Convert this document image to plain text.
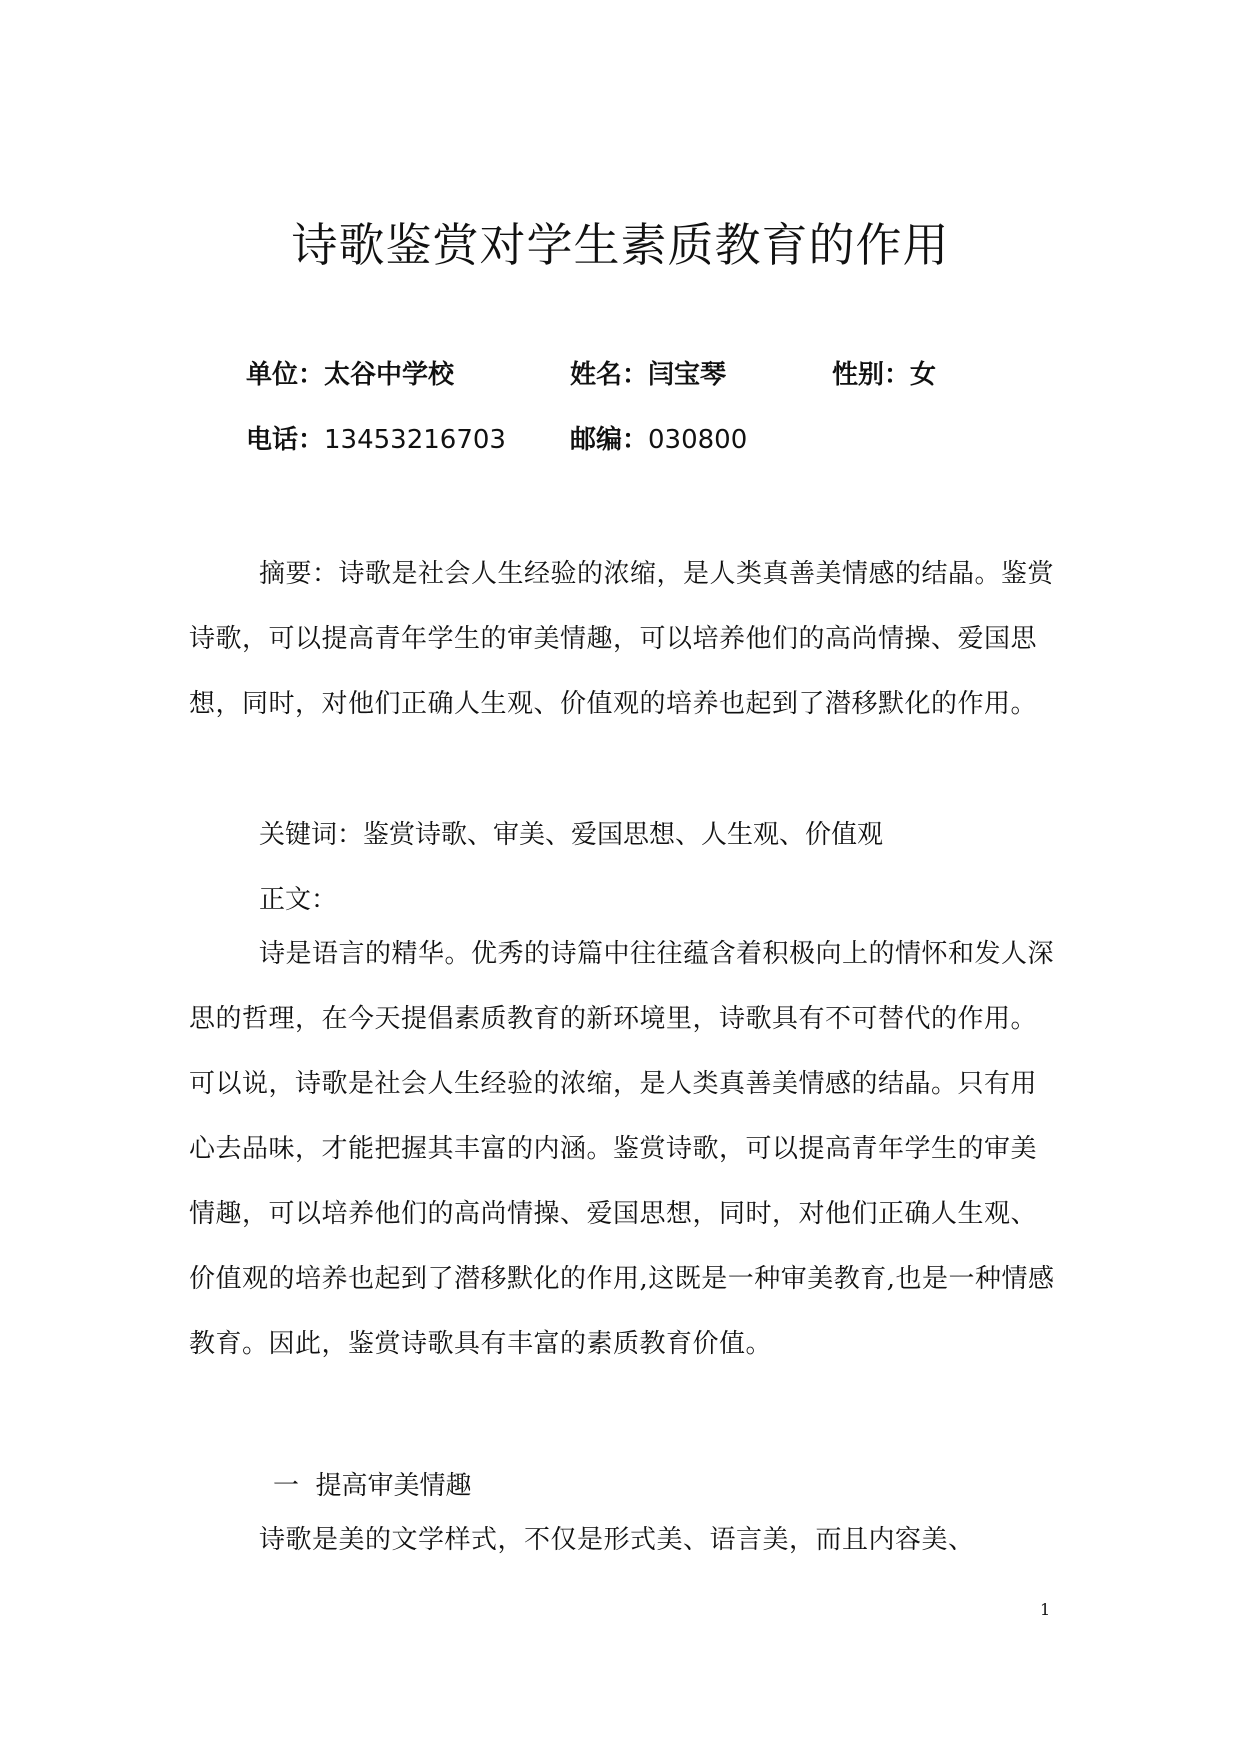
诗歌鉴赏对学生素质教育的作用
单位：太谷中学校	姓名：闫宝琴	性别：女
电话：13453216703 邮编：030800

摘要：诗歌是社会人生经验的浓缩，是人类真善美情感的结晶。鉴赏诗歌，可以提高青年学生的审美情趣，可以培养他们的高尚情操、爱国思想，同时，对他们正确人生观、价值观的培养也起到了潜移默化的作用。

关键词：鉴赏诗歌、审美、爱国思想、人生观、价值观
正文：

诗是语言的精华。优秀的诗篇中往往蕴含着积极向上的情怀和发人深思的哲理，在今天提倡素质教育的新环境里，诗歌具有不可替代的作用。可以说，诗歌是社会人生经验的浓缩，是人类真善美情感的结晶。只有用心去品味，才能把握其丰富的内涵。鉴赏诗歌，可以提高青年学生的审美情趣，可以培养他们的高尚情操、爱国思想，同时，对他们正确人生观、价值观的培养也起到了潜移默化的作用,这既是一种审美教育,也是一种情感教育。因此，鉴赏诗歌具有丰富的素质教育价值。

一  提高审美情趣

诗歌是美的文学样式，不仅是形式美、语言美，而且内容美、

1
